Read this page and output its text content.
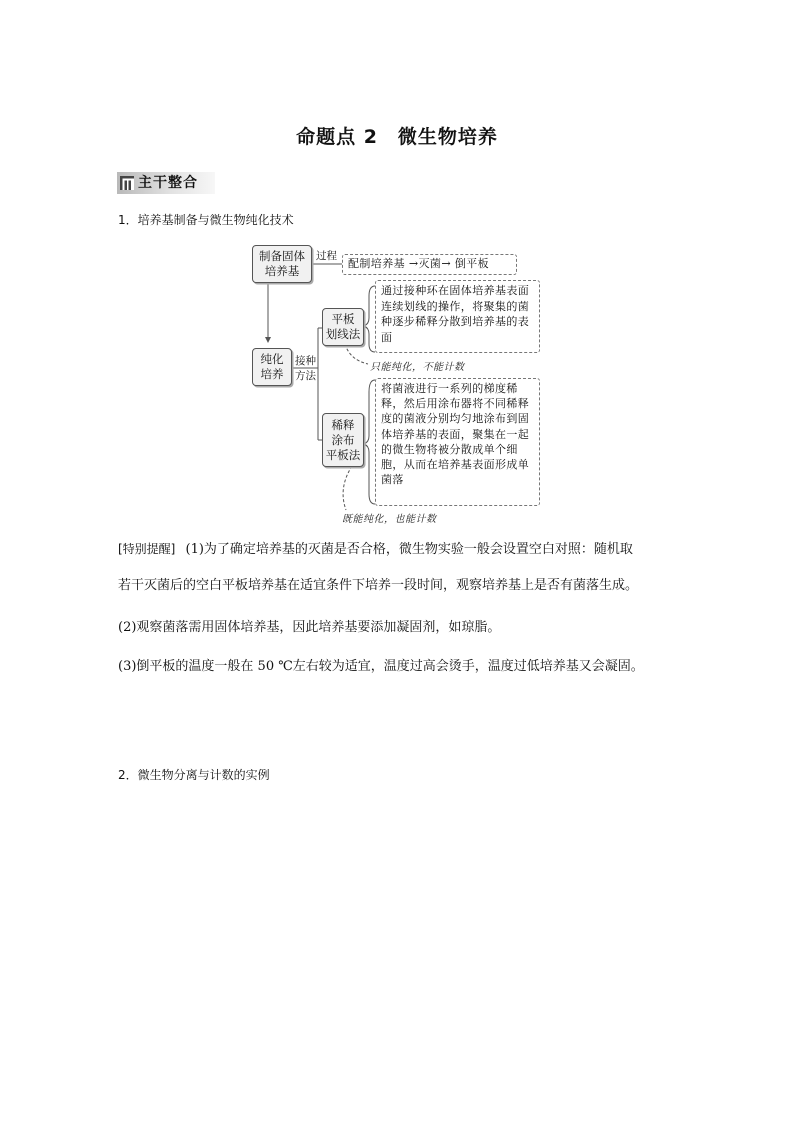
命题点 2　微生物培养
主干整合
1．培养基制备与微生物纯化技术
制备固体
培养基
过程
配制培养基 →灭菌→ 倒平板
纯化
培养
接种
方法
平板
划线法
通过接种环在固体培养基表面连续划线的操作，将聚集的菌种逐步稀释分散到培养基的表面
只能纯化，不能计数
稀释
涂布
平板法
将菌液进行一系列的梯度稀释，然后用涂布器将不同稀释度的菌液分别均匀地涂布到固体培养基的表面，聚集在一起的微生物将被分散成单个细胞，从而在培养基表面形成单菌落
既能纯化，也能计数
[特别提醒] (1)为了确定培养基的灭菌是否合格，微生物实验一般会设置空白对照：随机取
若干灭菌后的空白平板培养基在适宜条件下培养一段时间，观察培养基上是否有菌落生成。
(2)观察菌落需用固体培养基，因此培养基要添加凝固剂，如琼脂。
(3)倒平板的温度一般在 50 ℃左右较为适宜，温度过高会烫手，温度过低培养基又会凝固。
2．微生物分离与计数的实例
